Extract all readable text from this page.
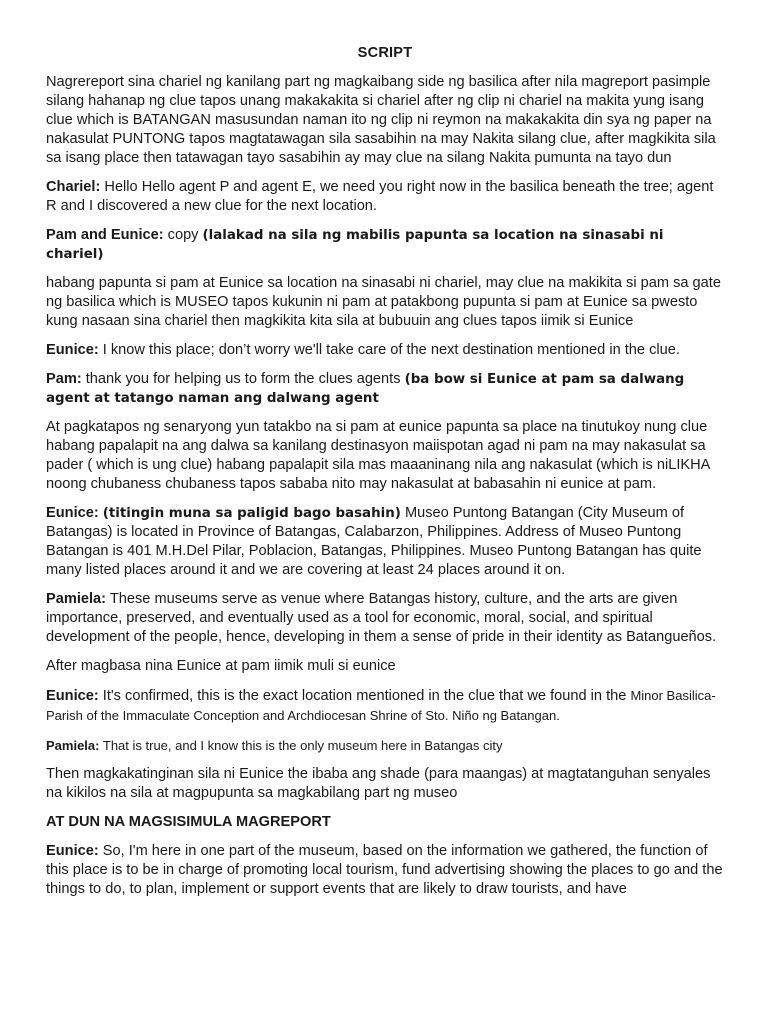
SCRIPT

Nagrereport sina chariel ng kanilang part ng magkaibang side ng basilica after nila magreport pasimple silang hahanap ng clue tapos unang makakakita si chariel after ng clip ni chariel na makita yung isang clue which is BATANGAN masusundan naman ito ng clip ni reymon na makakakita din sya ng paper na nakasulat PUNTONG tapos magtatawagan sila sasabihin na may Nakita silang clue, after magkikita sila sa isang place then tatawagan tayo sasabihin ay may clue na silang Nakita pumunta na tayo dun

Chariel: Hello Hello agent P and agent E, we need you right now in the basilica beneath the tree; agent R and I discovered a new clue for the next location.

Pam and Eunice: copy (lalakad na sila ng mabilis papunta sa location na sinasabi ni chariel)

habang papunta si pam at Eunice sa location na sinasabi ni chariel, may clue na makikita si pam sa gate ng basilica which is MUSEO tapos kukunin ni pam at patakbong pupunta si pam at Eunice sa pwesto kung nasaan sina chariel then magkikita kita sila at bubuuin ang clues tapos iimik si Eunice

Eunice: I know this place; don’t worry we'll take care of the next destination mentioned in the clue.

Pam: thank you for helping us to form the clues agents (ba bow si Eunice at pam sa dalwang agent at tatango naman ang dalwang agent

At pagkatapos ng senaryong yun tatakbo na si pam at eunice papunta sa place na tinutukoy nung clue habang papalapit na ang dalwa sa kanilang destinasyon maiispotan agad ni pam na may nakasulat sa pader ( which is ung clue) habang papalapit sila mas maaaninang nila ang nakasulat (which is niLIKHA noong chubaness chubaness tapos sababa nito may nakasulat at babasahin ni eunice at pam.

Eunice: (titingin muna sa paligid bago basahin) Museo Puntong Batangan (City Museum of Batangas) is located in Province of Batangas, Calabarzon, Philippines. Address of Museo Puntong Batangan is 401 M.H.Del Pilar, Poblacion, Batangas, Philippines. Museo Puntong Batangan has quite many listed places around it and we are covering at least 24 places around it on.

Pamiela: These museums serve as venue where Batangas history, culture, and the arts are given importance, preserved, and eventually used as a tool for economic, moral, social, and spiritual development of the people, hence, developing in them a sense of pride in their identity as Batangueños.

After magbasa nina Eunice at pam iimik muli si eunice

Eunice: It's confirmed, this is the exact location mentioned in the clue that we found in the Minor Basilica-Parish of the Immaculate Conception and Archdiocesan Shrine of Sto. Niño ng Batangan.

Pamiela: That is true, and I know this is the only museum here in Batangas city

Then magkakatinginan sila ni Eunice the ibaba ang shade (para maangas) at magtatanguhan senyales na kikilos na sila at magpupunta sa magkabilang part ng museo

AT DUN NA MAGSISIMULA MAGREPORT

Eunice: So, I'm here in one part of the museum, based on the information we gathered, the function of this place is to be in charge of promoting local tourism, fund advertising showing the places to go and the things to do, to plan, implement or support events that are likely to draw tourists, and have
